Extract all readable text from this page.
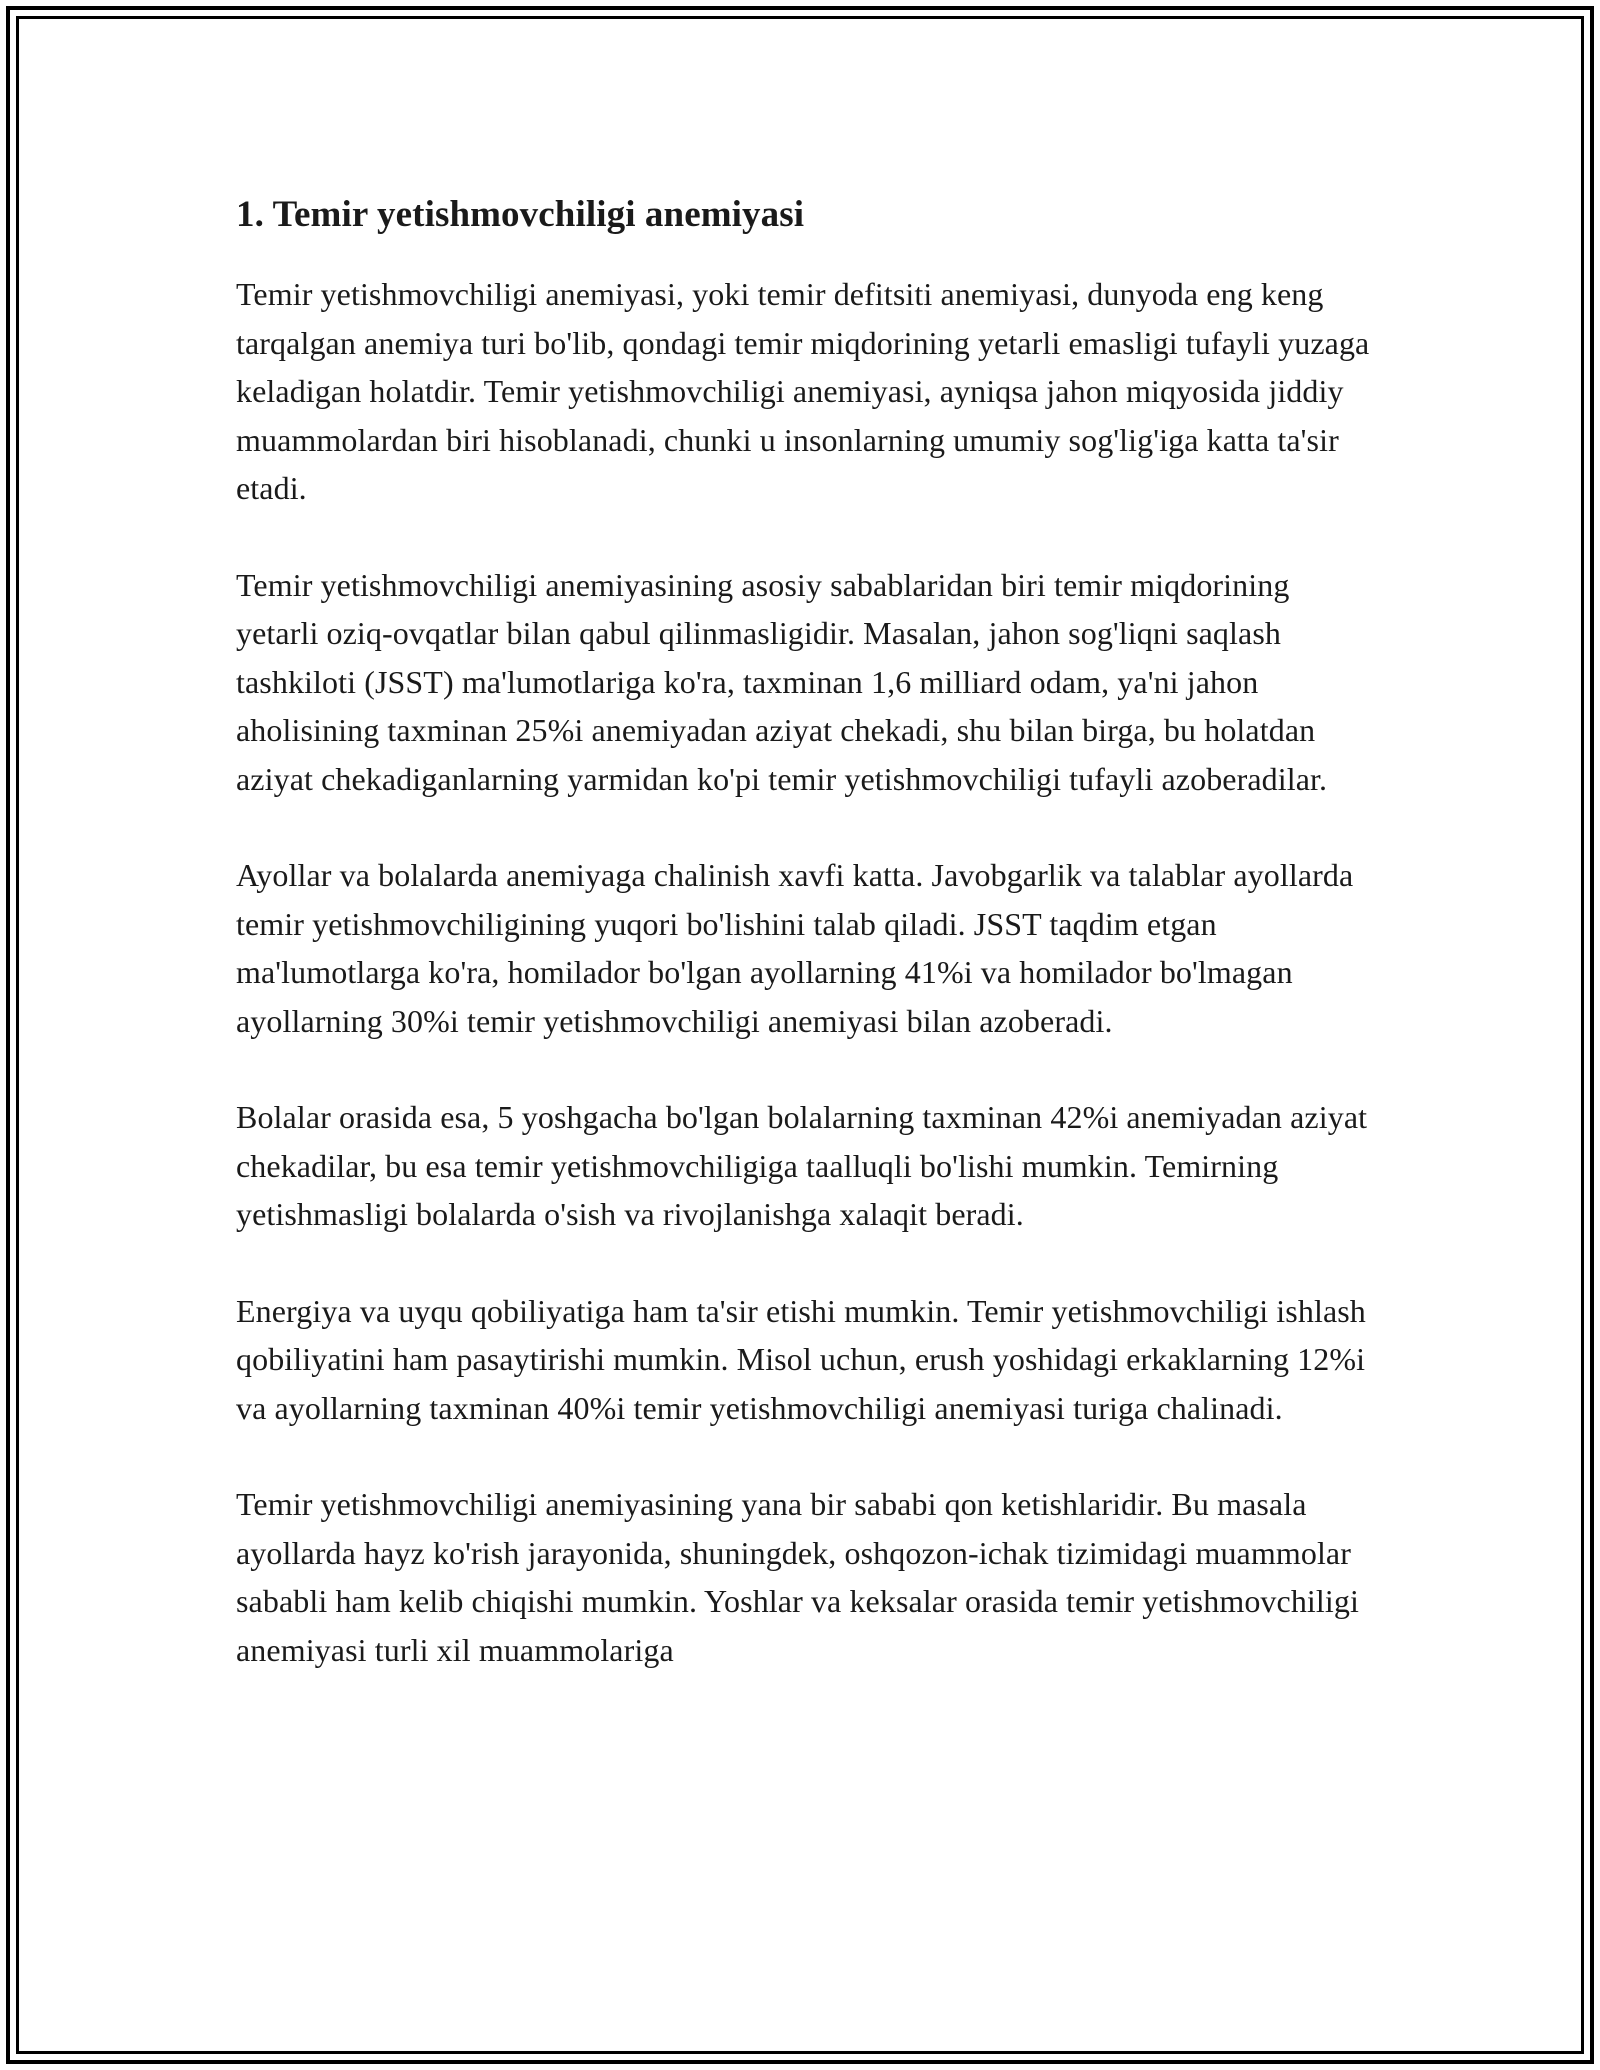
1. Temir yetishmovchiligi anemiyasi

Temir yetishmovchiligi anemiyasi, yoki temir defitsiti anemiyasi, dunyoda eng keng tarqalgan anemiya turi bo'lib, qondagi temir miqdorining yetarli emasligi tufayli yuzaga keladigan holatdir. Temir yetishmovchiligi anemiyasi, ayniqsa jahon miqyosida jiddiy muammolardan biri hisoblanadi, chunki u insonlarning umumiy sog'lig'iga katta ta'sir etadi.

Temir yetishmovchiligi anemiyasining asosiy sabablaridan biri temir miqdorining yetarli oziq-ovqatlar bilan qabul qilinmasligidir. Masalan, jahon sog'liqni saqlash tashkiloti (JSST) ma'lumotlariga ko'ra, taxminan 1,6 milliard odam, ya'ni jahon aholisining taxminan 25%i anemiyadan aziyat chekadi, shu bilan birga, bu holatdan aziyat chekadiganlarning yarmidan ko'pi temir yetishmovchiligi tufayli azoberadilar.

Ayollar va bolalarda anemiyaga chalinish xavfi katta. Javobgarlik va talablar ayollarda temir yetishmovchiligining yuqori bo'lishini talab qiladi. JSST taqdim etgan ma'lumotlarga ko'ra, homilador bo'lgan ayollarning 41%i va homilador bo'lmagan ayollarning 30%i temir yetishmovchiligi anemiyasi bilan azoberadi.

Bolalar orasida esa, 5 yoshgacha bo'lgan bolalarning taxminan 42%i anemiyadan aziyat chekadilar, bu esa temir yetishmovchiligiga taalluqli bo'lishi mumkin. Temirning yetishmasligi bolalarda o'sish va rivojlanishga xalaqit beradi.

Energiya va uyqu qobiliyatiga ham ta'sir etishi mumkin. Temir yetishmovchiligi ishlash qobiliyatini ham pasaytirishi mumkin. Misol uchun, erush yoshidagi erkaklarning 12%i va ayollarning taxminan 40%i temir yetishmovchiligi anemiyasi turiga chalinadi.

Temir yetishmovchiligi anemiyasining yana bir sababi qon ketishlaridir. Bu masala ayollarda hayz ko'rish jarayonida, shuningdek, oshqozon-ichak tizimidagi muammolar sababli ham kelib chiqishi mumkin. Yoshlar va keksalar orasida temir yetishmovchiligi anemiyasi turli xil muammolariga
